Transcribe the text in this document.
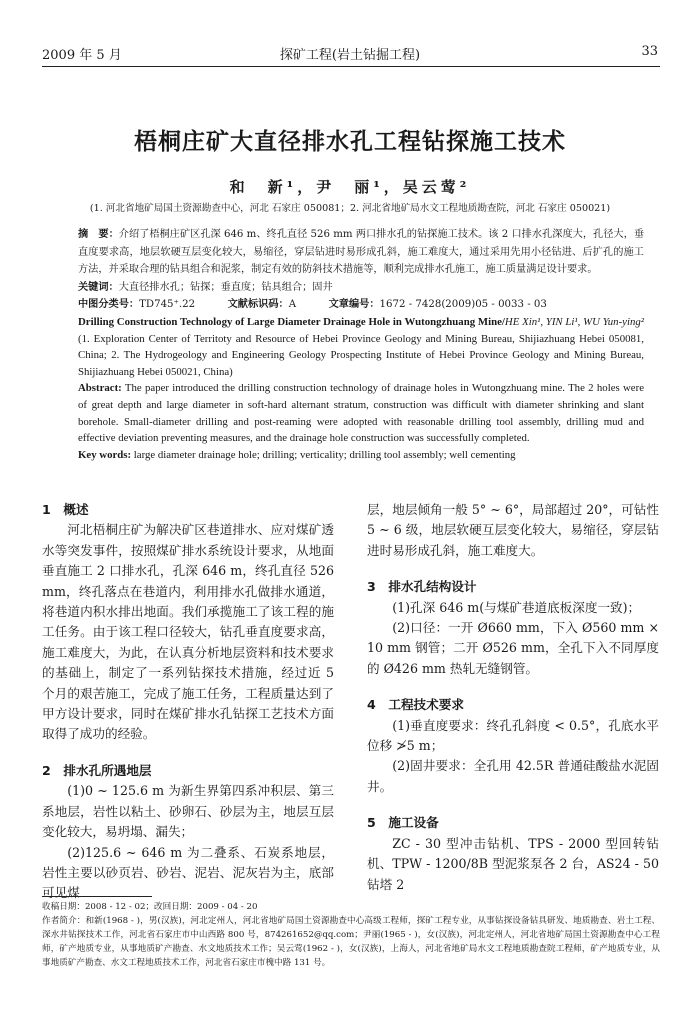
2009 年 5 月	探矿工程(岩土钻掘工程)	33
梧桐庄矿大直径排水孔工程钻探施工技术
和　新¹，尹　丽¹，吴云莺²
(1. 河北省地矿局国土资源勘查中心，河北 石家庄 050081；2. 河北省地矿局水文工程地质勘查院，河北 石家庄 050021)
摘　要：介绍了梧桐庄矿区孔深 646 m、终孔直径 526 mm 两口排水孔的钻探施工技术。该 2 口排水孔深度大，孔径大，垂直度要求高，地层软硬互层变化较大，易缩径，穿层钻进时易形成孔斜，施工难度大，通过采用先用小径钻进、后扩孔的施工方法，并采取合理的钻具组合和泥浆，制定有效的防斜技术措施等，顺利完成排水孔施工，施工质量满足设计要求。
关键词：大直径排水孔；钻探；垂直度；钻具组合；固井
中图分类号：TD745⁺.22	文献标识码：A	文章编号：1672 - 7428(2009)05 - 0033 - 03
Drilling Construction Technology of Large Diameter Drainage Hole in Wutongzhuang Mine/HE Xin¹, YIN Li¹, WU Yun-ying² (1. Exploration Center of Territoty and Resource of Hebei Province Geology and Mining Bureau, Shijiazhuang Hebei 050081, China; 2. The Hydrogeology and Engineering Geology Prospecting Institute of Hebei Province Geology and Mining Bureau, Shijiazhuang Hebei 050021, China)
Abstract: The paper introduced the drilling construction technology of drainage holes in Wutongzhuang mine. The 2 holes were of great depth and large diameter in soft-hard alternant stratum, construction was difficult with diameter shrinking and slant borehole. Small-diameter drilling and post-reaming were adopted with reasonable drilling tool assembly, drilling mud and effective deviation preventing measures, and the drainage hole construction was successfully completed.
Key words: large diameter drainage hole; drilling; verticality; drilling tool assembly; well cementing
1　概述

河北梧桐庄矿为解决矿区巷道排水、应对煤矿透水等突发事件，按照煤矿排水系统设计要求，从地面垂直施工 2 口排水孔，孔深 646 m，终孔直径 526 mm，终孔落点在巷道内，利用排水孔做排水通道，将巷道内积水排出地面。我们承揽施工了该工程的施工任务。由于该工程口径较大，钻孔垂直度要求高，施工难度大，为此，在认真分析地层资料和技术要求的基础上，制定了一系列钻探技术措施，经过近 5 个月的艰苦施工，完成了施工任务，工程质量达到了甲方设计要求，同时在煤矿排水孔钻探工艺技术方面取得了成功的经验。

2　排水孔所遇地层

(1)0 ~ 125.6 m 为新生界第四系冲积层、第三系地层，岩性以粘土、砂卵石、砂层为主，地层互层变化较大，易坍塌、漏失；

(2)125.6 ~ 646 m 为二叠系、石炭系地层，岩性主要以砂页岩、砂岩、泥岩、泥灰岩为主，底部可见煤

层，地层倾角一般 5° ~ 6°，局部超过 20°，可钻性 5 ~ 6 级，地层软硬互层变化较大，易缩径，穿层钻进时易形成孔斜，施工难度大。

3　排水孔结构设计

(1)孔深 646 m(与煤矿巷道底板深度一致)；

(2)口径：一开 Ø660 mm，下入 Ø560 mm × 10 mm 钢管；二开 Ø526 mm，全孔下入不同厚度的 Ø426 mm 热轧无缝钢管。

4　工程技术要求

(1)垂直度要求：终孔孔斜度 < 0.5°，孔底水平位移 ≯5 m；

(2)固井要求：全孔用 42.5R 普通硅酸盐水泥固井。

5　施工设备

ZC - 30 型冲击钻机、TPS - 2000 型回转钻机、TPW - 1200/8B 型泥浆泵各 2 台，AS24 - 50 钻塔 2

收稿日期：2008 - 12 - 02；改回日期：2009 - 04 - 20
作者简介：和新(1968 - )，男(汉族)，河北定州人，河北省地矿局国土资源勘查中心高级工程师，探矿工程专业，从事钻探设备钻具研发、地质勘查、岩土工程、深水井钻探技术工作，河北省石家庄市中山西路 800 号，874261652@qq.com；尹丽(1965 - )，女(汉族)，河北定州人，河北省地矿局国土资源勘查中心工程师，矿产地质专业，从事地质矿产勘查、水文地质技术工作；吴云莺(1962 - )，女(汉族)，上海人，河北省地矿局水文工程地质勘查院工程师，矿产地质专业，从事地质矿产勘查、水文工程地质技术工作，河北省石家庄市槐中路 131 号。
